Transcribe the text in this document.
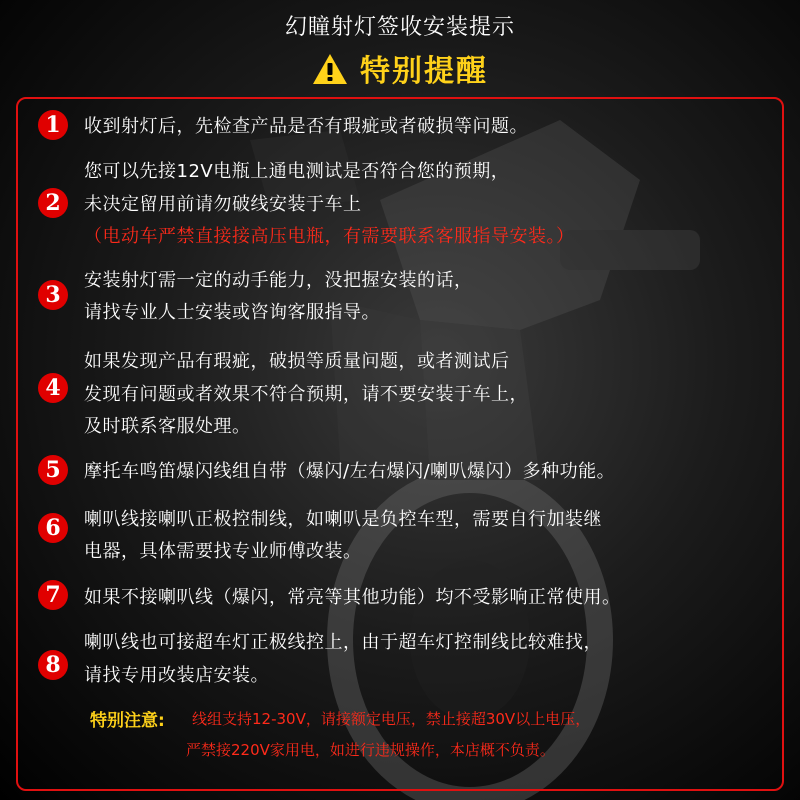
幻瞳射灯签收安装提示
特别提醒
1	收到射灯后，先检查产品是否有瑕疵或者破损等问题。
2
您可以先接12V电瓶上通电测试是否符合您的预期，
未决定留用前请勿破线安装于车上
（电动车严禁直接接高压电瓶，有需要联系客服指导安装。）
3
安装射灯需一定的动手能力，没把握安装的话，
请找专业人士安装或咨询客服指导。
4
如果发现产品有瑕疵，破损等质量问题，或者测试后
发现有问题或者效果不符合预期，请不要安装于车上，
及时联系客服处理。
5	摩托车鸣笛爆闪线组自带（爆闪/左右爆闪/喇叭爆闪）多种功能。
6	喇叭线接喇叭正极控制线，如喇叭是负控车型，需要自行加装继
电器，具体需要找专业师傅改装。
7	如果不接喇叭线（爆闪，常亮等其他功能）均不受影响正常使用。
8
喇叭线也可接超车灯正极线控上，由于超车灯控制线比较难找，
请找专用改装店安装。
特别注意: 线组支持12-30V，请接额定电压，禁止接超30V以上电压，
严禁接220V家用电，如进行违规操作，本店概不负责。
